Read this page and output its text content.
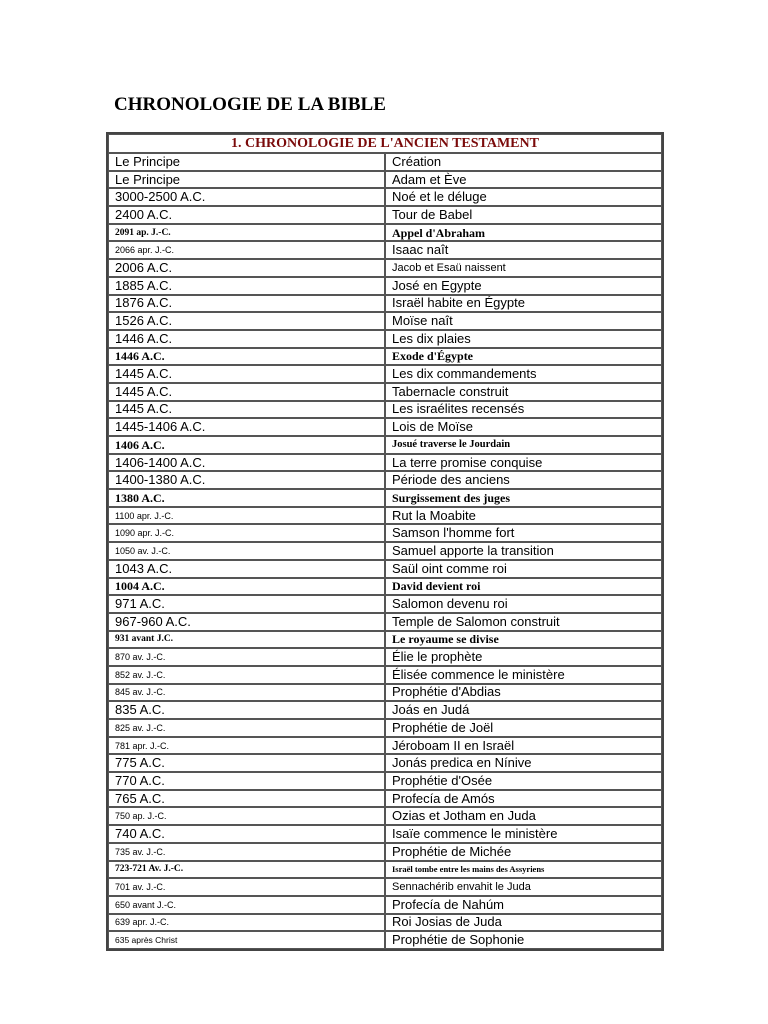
CHRONOLOGIE DE LA BIBLE
1. CHRONOLOGIE DE L'ANCIEN TESTAMENT	
Le Principe	Création
Le Principe	Adam et Ève
3000-2500 A.C.	Noé et le déluge
2400 A.C.	Tour de Babel
2091 ap. J.-C.	Appel d'Abraham
2066 apr. J.-C.	Isaac naît
2006 A.C.	Jacob et Esaü naissent
1885 A.C.	José en Egypte
1876 A.C.	Israël habite en Égypte
1526 A.C.	Moïse naît
1446 A.C.	Les dix plaies
1446 A.C.	Exode d'Égypte
1445 A.C.	Les dix commandements
1445 A.C.	Tabernacle construit
1445 A.C.	Les israélites recensés
1445-1406 A.C.	Lois de Moïse
1406 A.C.	Josué traverse le Jourdain
1406-1400 A.C.	La terre promise conquise
1400-1380 A.C.	Période des anciens
1380 A.C.	Surgissement des juges
1100 apr. J.-C.	Rut la Moabite
1090 apr. J.-C.	Samson l'homme fort
1050 av. J.-C.	Samuel apporte la transition
1043 A.C.	Saül oint comme roi
1004 A.C.	David devient roi
971 A.C.	Salomon devenu roi
967-960 A.C.	Temple de Salomon construit
931 avant J.C.	Le royaume se divise
870 av. J.-C.	Élie le prophète
852 av. J.-C.	Élisée commence le ministère
845 av. J.-C.	Prophétie d'Abdias
835 A.C.	Joás en Judá
825 av. J.-C.	Prophétie de Joël
781 apr. J.-C.	Jéroboam II en Israël
775 A.C.	Jonás predica en Nínive
770 A.C.	Prophétie d'Osée
765 A.C.	Profecía de Amós
750 ap. J.-C.	Ozias et Jotham en Juda
740 A.C.	Isaïe commence le ministère
735 av. J.-C.	Prophétie de Michée
723-721 Av. J.-C.	Israël tombe entre les mains des Assyriens
701 av. J.-C.	Sennachérib envahit le Juda
650 avant J.-C.	Profecía de Nahúm
639 apr. J.-C.	Roi Josias de Juda
635 après Christ	Prophétie de Sophonie
